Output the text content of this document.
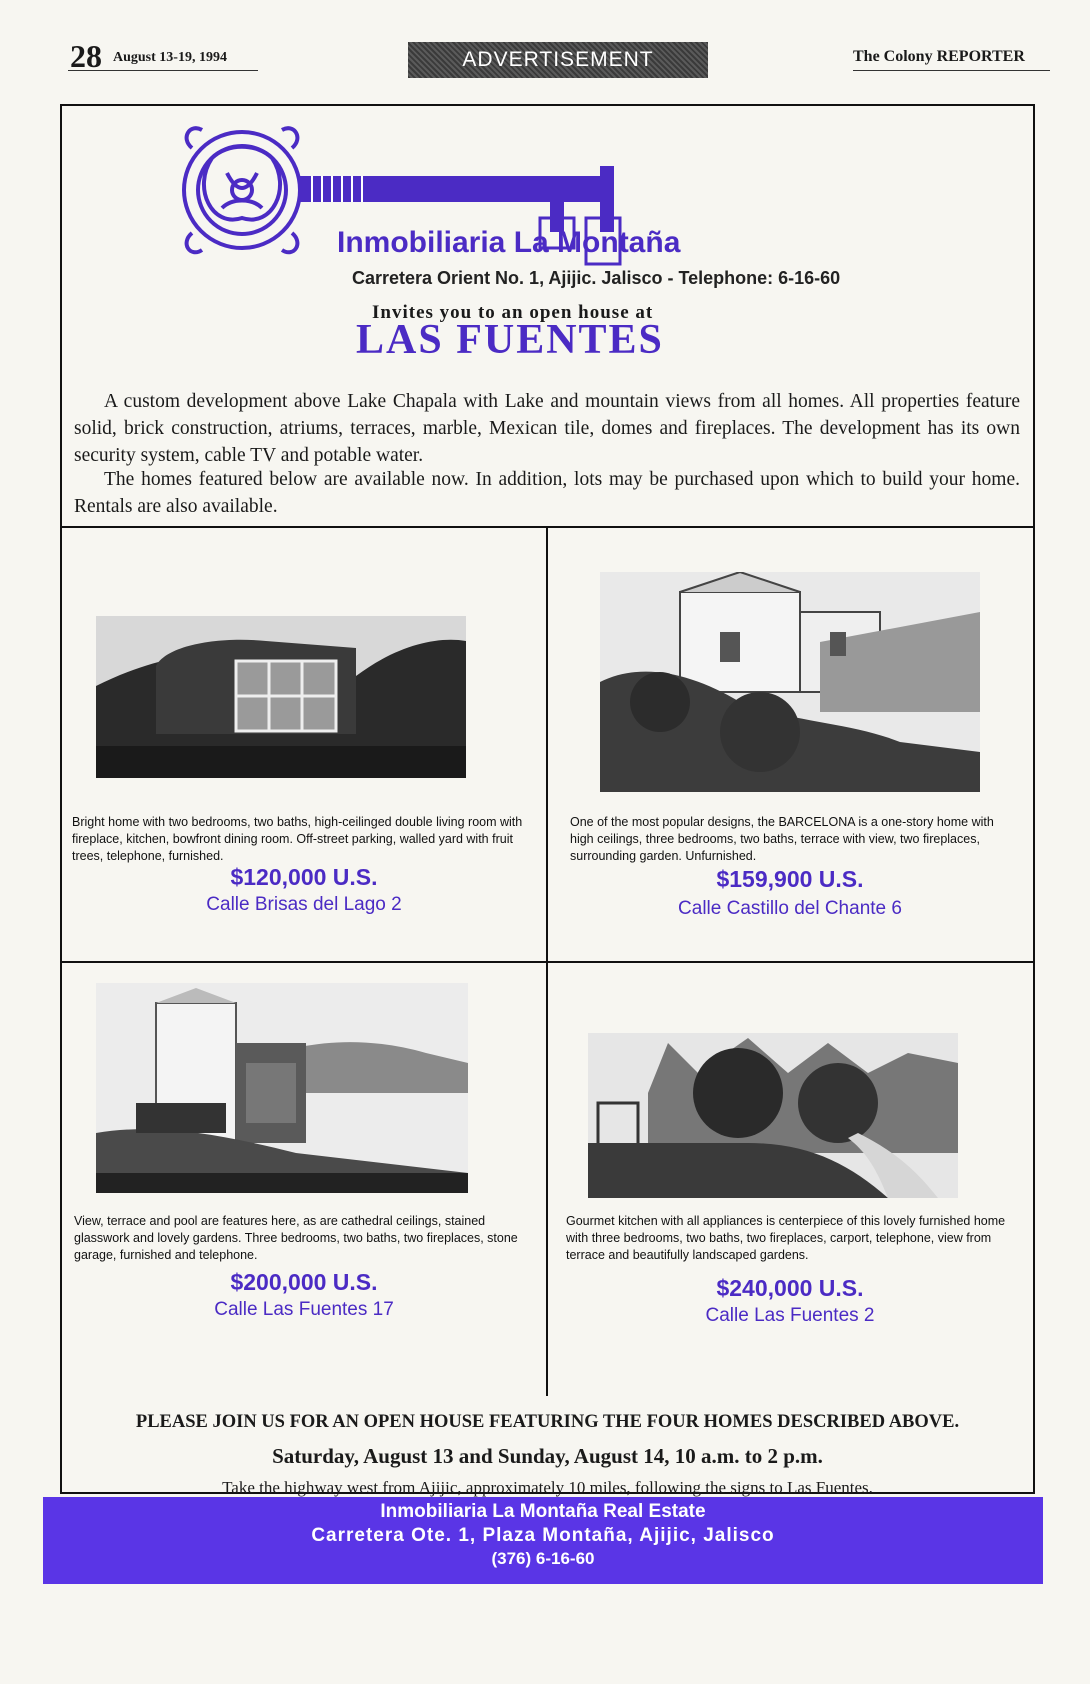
28 August 13-19, 1994	ADVERTISEMENT	The Colony REPORTER
Inmobiliaria La Montaña
Carretera Orient No. 1, Ajijic. Jalisco - Telephone: 6-16-60
Invites you to an open house at
LAS FUENTES
A custom development above Lake Chapala with Lake and mountain views from all homes. All properties feature solid, brick construction, atriums, terraces, marble, Mexican tile, domes and fireplaces. The development has its own security system, cable TV and potable water.
The homes featured below are available now. In addition, lots may be purchased upon which to build your home. Rentals are also available.
Bright home with two bedrooms, two baths, high-ceilinged double living room with fireplace, kitchen, bowfront dining room. Off-street parking, walled yard with fruit trees, telephone, furnished.
$120,000 U.S.
Calle Brisas del Lago 2
One of the most popular designs, the BARCELONA is a one-story home with high ceilings, three bedrooms, two baths, terrace with view, two fireplaces, surrounding garden. Unfurnished.
$159,900 U.S.
Calle Castillo del Chante 6
View, terrace and pool are features here, as are cathedral ceilings, stained glasswork and lovely gardens. Three bedrooms, two baths, two fireplaces, stone garage, furnished and telephone.
$200,000 U.S.
Calle Las Fuentes 17
Gourmet kitchen with all appliances is centerpiece of this lovely furnished home with three bedrooms, two baths, two fireplaces, carport, telephone, view from terrace and beautifully landscaped gardens.
$240,000 U.S.
Calle Las Fuentes 2
PLEASE JOIN US FOR AN OPEN HOUSE FEATURING THE FOUR HOMES DESCRIBED ABOVE.
Saturday, August 13 and Sunday, August 14, 10 a.m. to 2 p.m.
Take the highway west from Ajijic, approximately 10 miles, following the signs to Las Fuentes.
Inmobiliaria La Montaña Real Estate
Carretera Ote. 1, Plaza Montaña, Ajijic, Jalisco
(376) 6-16-60
